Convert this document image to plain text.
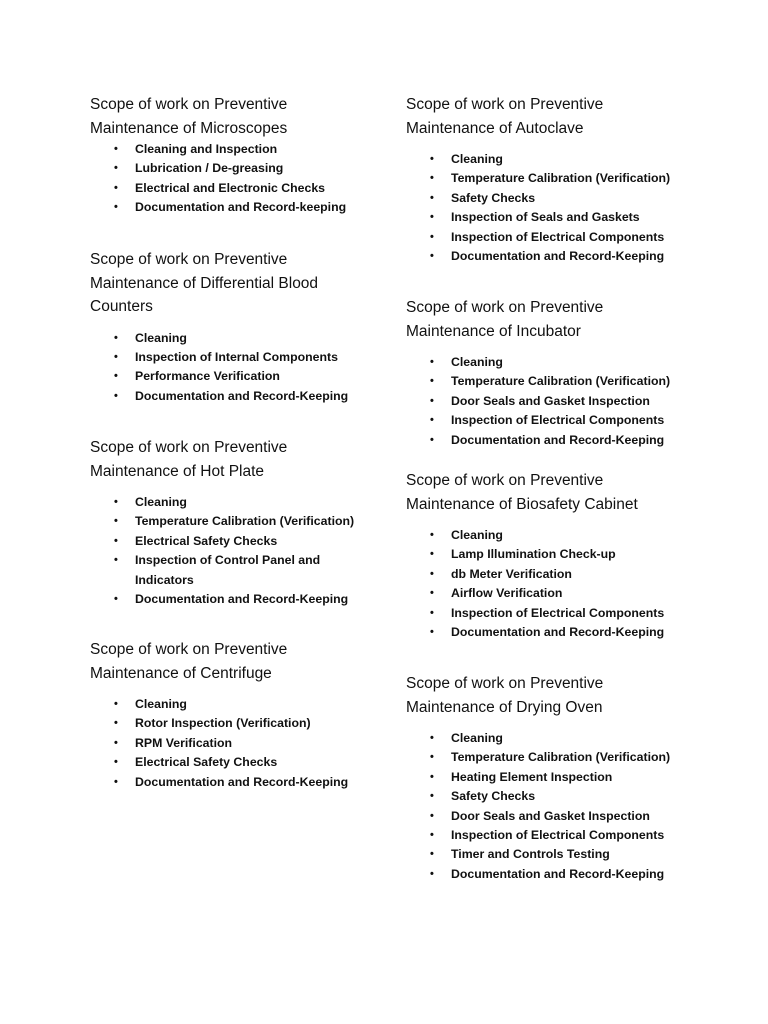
Scope of work on Preventive
Maintenance of Microscopes
• Cleaning and Inspection
• Lubrication / De-greasing
• Electrical and Electronic Checks
• Documentation and Record-keeping
Scope of work on Preventive
Maintenance of Differential Blood
Counters
• Cleaning
• Inspection of Internal Components
• Performance Verification
• Documentation and Record-Keeping
Scope of work on Preventive
Maintenance of Hot Plate
• Cleaning
• Temperature Calibration (Verification)
• Electrical Safety Checks
• Inspection of Control Panel and
Indicators
• Documentation and Record-Keeping
Scope of work on Preventive
Maintenance of Centrifuge
• Cleaning
• Rotor Inspection (Verification)
• RPM Verification
• Electrical Safety Checks
• Documentation and Record-Keeping
Scope of work on Preventive
Maintenance of Autoclave
• Cleaning
• Temperature Calibration (Verification)
• Safety Checks
• Inspection of Seals and Gaskets
• Inspection of Electrical Components
• Documentation and Record-Keeping
Scope of work on Preventive
Maintenance of Incubator
• Cleaning
• Temperature Calibration (Verification)
• Door Seals and Gasket Inspection
• Inspection of Electrical Components
• Documentation and Record-Keeping
Scope of work on Preventive
Maintenance of Biosafety Cabinet
• Cleaning
• Lamp Illumination Check-up
• db Meter Verification
• Airflow Verification
• Inspection of Electrical Components
• Documentation and Record-Keeping
Scope of work on Preventive
Maintenance of Drying Oven
• Cleaning
• Temperature Calibration (Verification)
• Heating Element Inspection
• Safety Checks
• Door Seals and Gasket Inspection
• Inspection of Electrical Components
• Timer and Controls Testing
• Documentation and Record-Keeping
